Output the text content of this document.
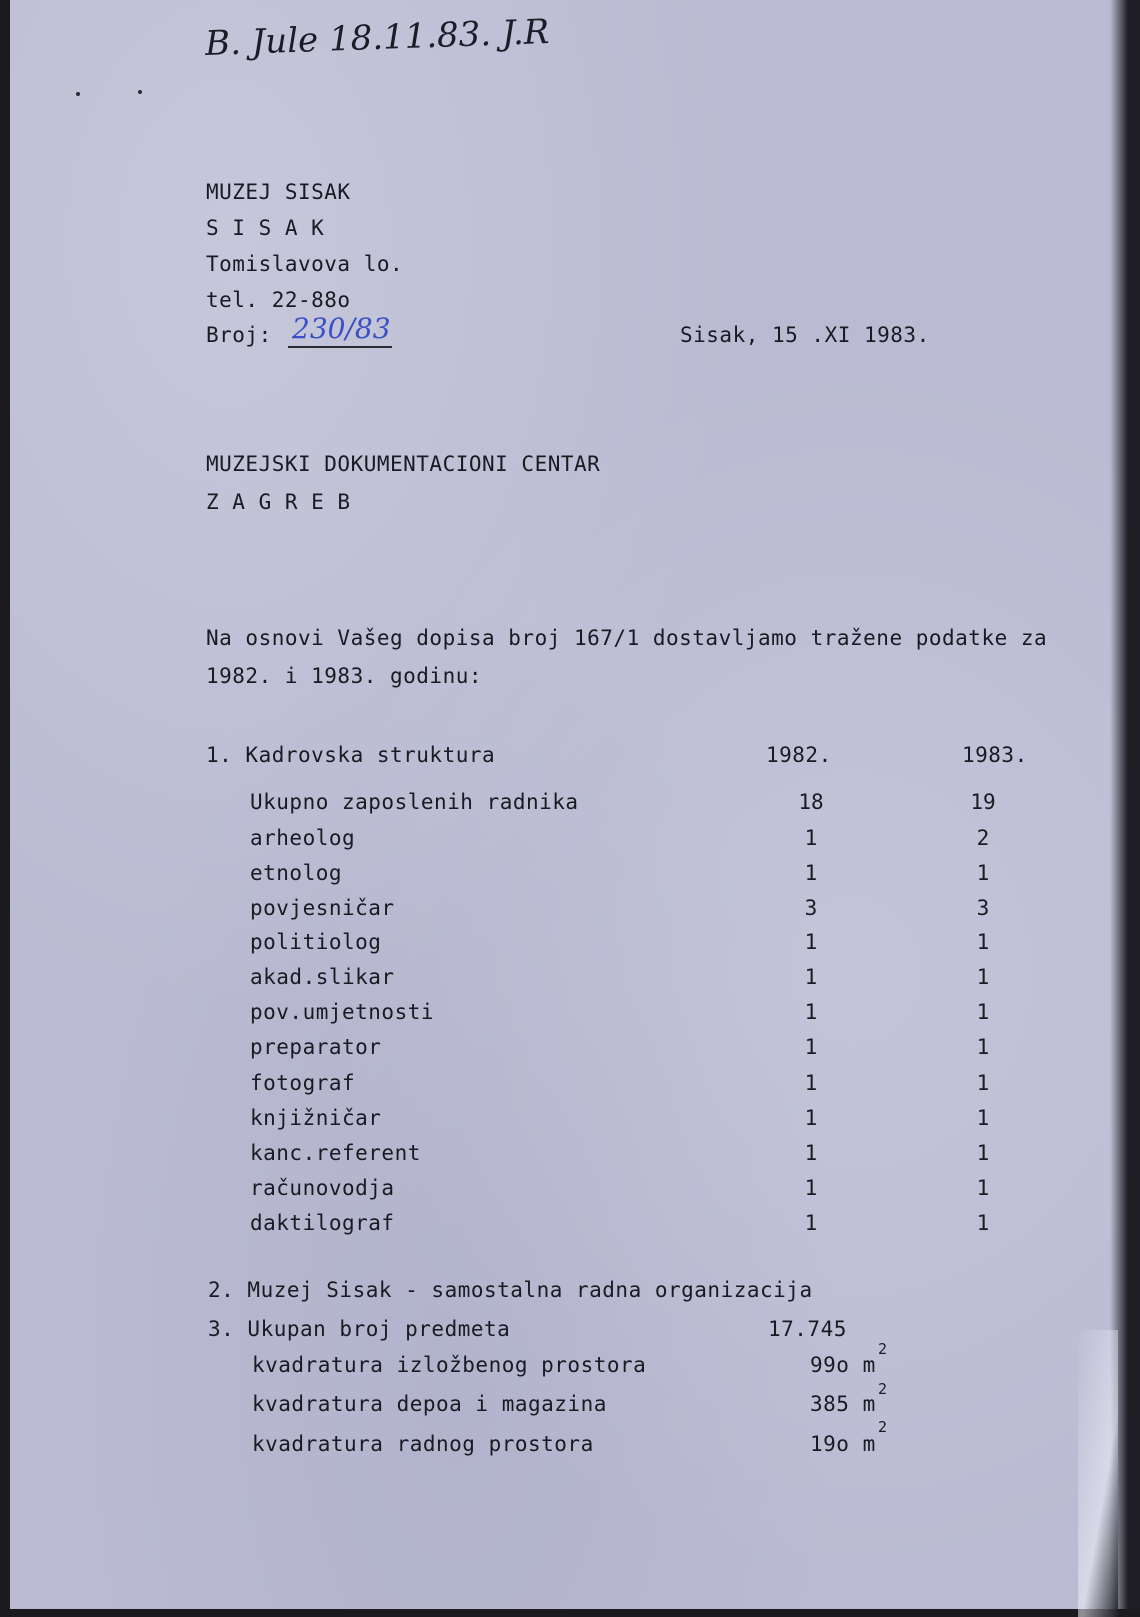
B. Jule 18.11.83. J.R
MUZEJ SISAK
S I S A K
Tomislavova lo.
tel. 22-88o
Broj: 230/83	Sisak, 15 .XI 1983.
MUZEJSKI DOKUMENTACIONI CENTAR
Z A G R E B
Na osnovi Vašeg dopisa broj 167/1 dostavljamo tražene podatke za
1982. i 1983. godinu:
1. Kadrovska struktura	1982.	1983.
Ukupno zaposlenih radnika	18	19
arheolog	1	2
etnolog	1	1
povjesničar	3	3
politiolog	1	1
akad.slikar	1	1
pov.umjetnosti	1	1
preparator	1	1
fotograf	1	1
knjižničar	1	1
kanc.referent	1	1
računovodja	1	1
daktilograf	1	1
2. Muzej Sisak - samostalna radna organizacija
3. Ukupan broj predmeta	17.745
kvadratura izložbenog prostora	99o m
2
kvadratura depoa i magazina	385 m
2
kvadratura radnog prostora	19o m
2
